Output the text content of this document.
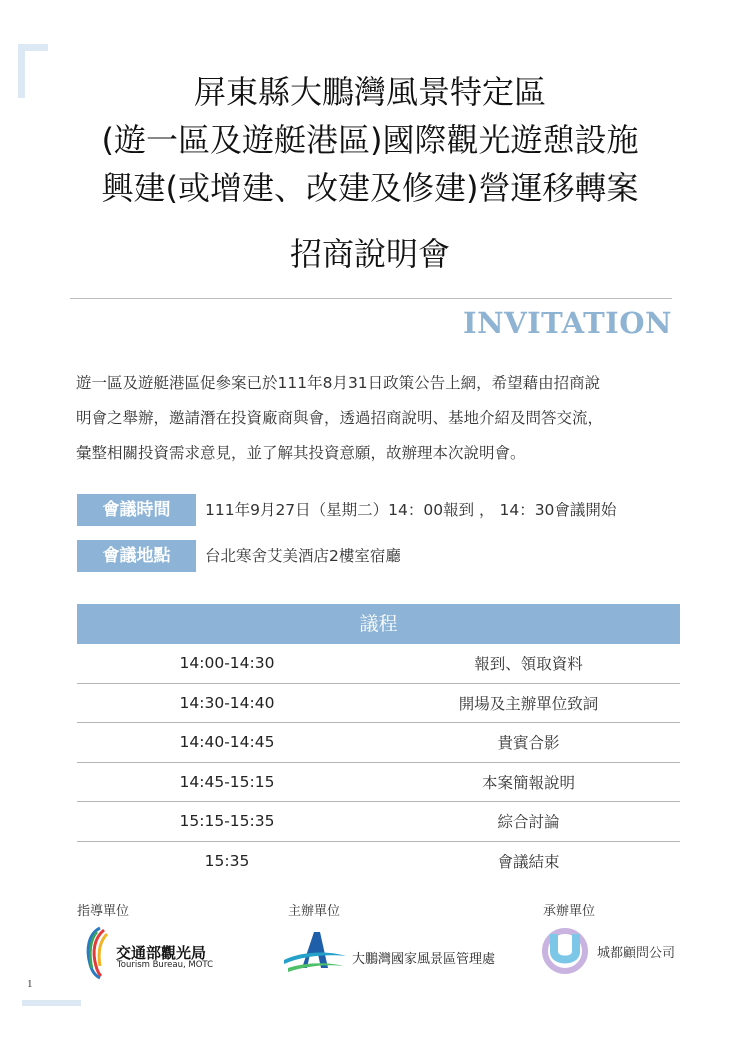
屏東縣大鵬灣風景特定區
(遊一區及遊艇港區)國際觀光遊憩設施
興建(或增建、改建及修建)營運移轉案
招商說明會
INVITATION
遊一區及遊艇港區促參案已於111年8月31日政策公告上網，希望藉由招商說
明會之舉辦，邀請潛在投資廠商與會，透過招商說明、基地介紹及問答交流，
彙整相關投資需求意見，並了解其投資意願，故辦理本次說明會。
會議時間	111年9月27日（星期二）14：00報到 ， 14：30會議開始
會議地點	台北寒舍艾美酒店2樓室宿廳
議程
14:00-14:30	報到、領取資料
14:30-14:40	開場及主辦單位致詞
14:40-14:45	貴賓合影
14:45-15:15	本案簡報說明
15:15-15:35	綜合討論
15:35	會議結束
指導單位	主辦單位	承辦單位
交通部觀光局
Tourism Bureau, MOTC	大鵬灣國家風景區管理處	城都顧問公司
1
